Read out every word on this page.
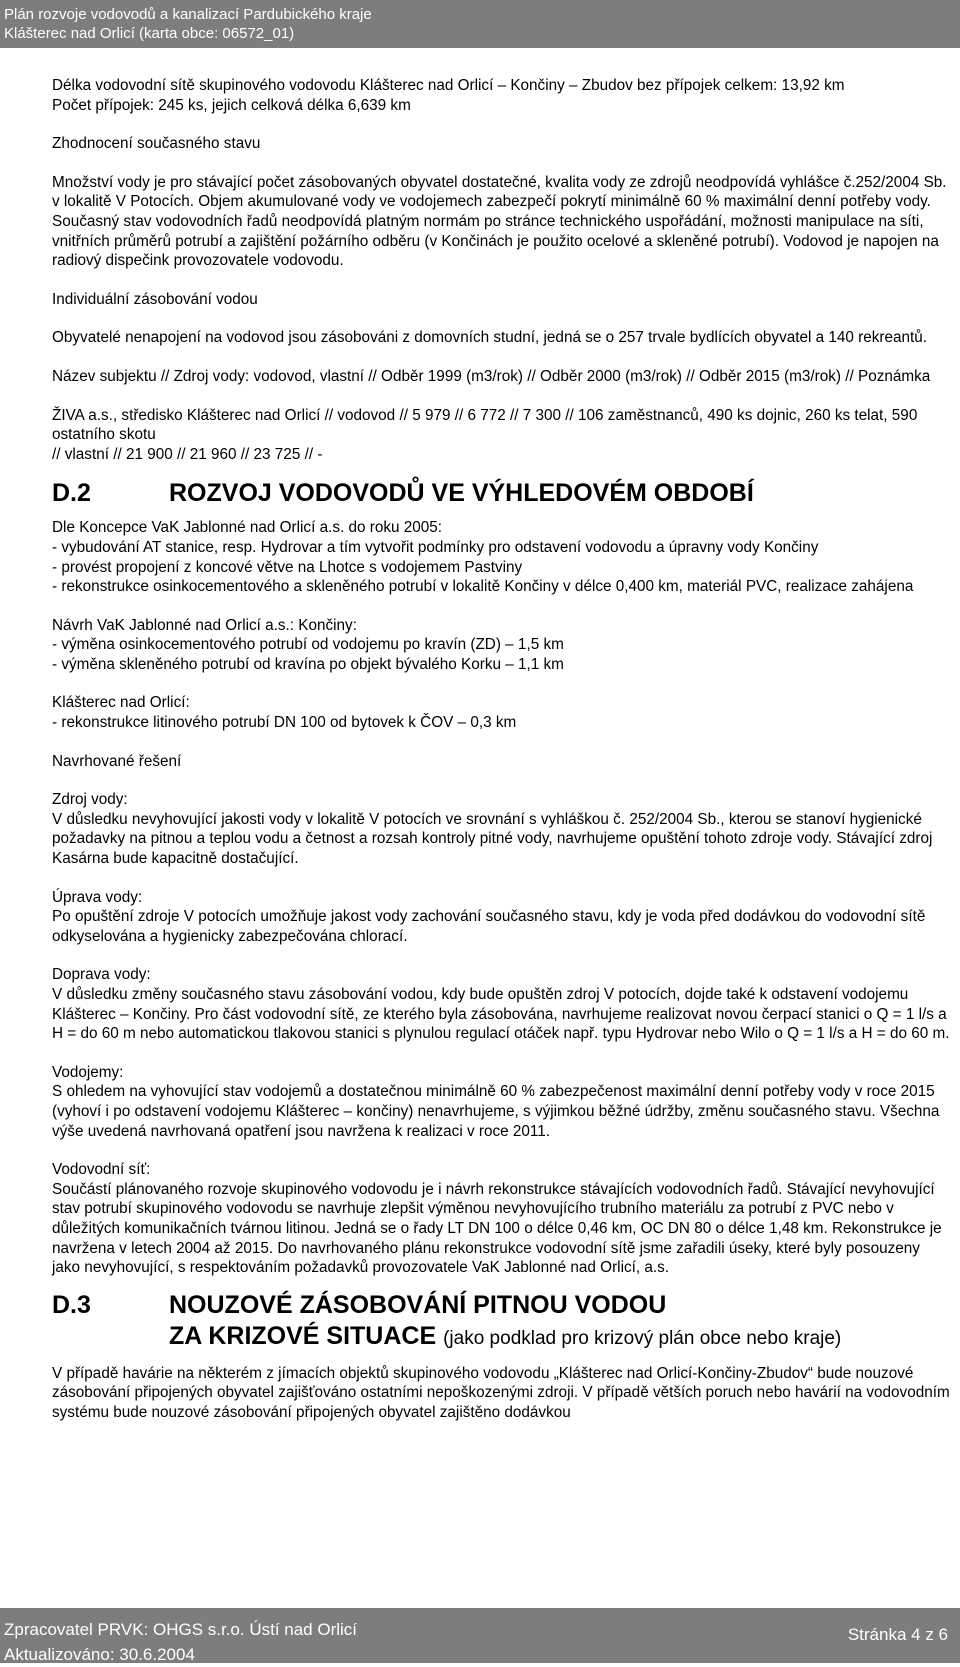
Plán rozvoje vodovodů a kanalizací Pardubického kraje
Klášterec nad Orlicí (karta obce: 06572_01)

Délka vodovodní sítě skupinového vodovodu Klášterec nad Orlicí – Končiny – Zbudov bez přípojek celkem: 13,92 km

Počet přípojek: 245 ks, jejich celková délka 6,639 km

Zhodnocení současného stavu

Množství vody je pro stávající počet zásobovaných obyvatel dostatečné, kvalita vody ze zdrojů neodpovídá vyhlášce č.252/2004 Sb. v lokalitě V Potocích. Objem akumulované vody ve vodojemech zabezpečí pokrytí minimálně 60 % maximální denní potřeby vody. Současný stav vodovodních řadů neodpovídá platným normám po stránce technického uspořádání, možnosti manipulace na síti, vnitřních průměrů potrubí a zajištění požárního odběru (v Končinách je použito ocelové a skleněné potrubí). Vodovod je napojen na radiový dispečink provozovatele vodovodu.

Individuální zásobování vodou

Obyvatelé nenapojení na vodovod jsou zásobováni z domovních studní, jedná se o 257 trvale bydlících obyvatel a 140 rekreantů.

Název subjektu // Zdroj vody: vodovod, vlastní // Odběr 1999 (m3/rok) // Odběr 2000 (m3/rok) // Odběr 2015 (m3/rok) // Poznámka

ŽIVA a.s., středisko Klášterec nad Orlicí // vodovod // 5 979 // 6 772 // 7 300 // 106 zaměstnanců, 490 ks dojnic, 260 ks telat, 590 ostatního skotu

// vlastní // 21 900 // 21 960 // 23 725 // -

D.2	ROZVOJ VODOVODŮ VE VÝHLEDOVÉM OBDOBÍ

Dle Koncepce VaK Jablonné nad Orlicí a.s. do roku 2005:

- vybudování AT stanice, resp. Hydrovar a tím vytvořit podmínky pro odstavení vodovodu a úpravny vody Končiny

- provést propojení z koncové větve na Lhotce s vodojemem Pastviny

- rekonstrukce osinkocementového a skleněného potrubí v lokalitě Končiny v délce 0,400 km, materiál PVC, realizace zahájena

Návrh VaK Jablonné nad Orlicí a.s.: Končiny:

- výměna osinkocementového potrubí od vodojemu po kravín (ZD) – 1,5 km

- výměna skleněného potrubí od kravína po objekt bývalého Korku – 1,1 km

Klášterec nad Orlicí:

- rekonstrukce litinového potrubí DN 100 od bytovek k ČOV – 0,3 km

Navrhované řešení

Zdroj vody:

V důsledku nevyhovující jakosti vody v lokalitě V potocích ve srovnání s vyhláškou č. 252/2004 Sb., kterou se stanoví hygienické požadavky na pitnou a teplou vodu a četnost a rozsah kontroly pitné vody, navrhujeme opuštění tohoto zdroje vody. Stávající zdroj Kasárna bude kapacitně dostačující.

Úprava vody:

Po opuštění zdroje V potocích umožňuje jakost vody zachování současného stavu, kdy je voda před dodávkou do vodovodní sítě odkyselována a hygienicky zabezpečována chlorací.

Doprava vody:

V důsledku změny současného stavu zásobování vodou, kdy bude opuštěn zdroj V potocích, dojde také k odstavení vodojemu Klášterec – Končiny. Pro část vodovodní sítě, ze kterého byla zásobována, navrhujeme realizovat novou čerpací stanici o Q = 1 l/s a H = do 60 m nebo automatickou tlakovou stanici s plynulou regulací otáček např. typu Hydrovar nebo Wilo o Q = 1 l/s a H = do 60 m.

Vodojemy:

S ohledem na vyhovující stav vodojemů a dostatečnou minimálně 60 % zabezpečenost maximální denní potřeby vody v roce 2015 (vyhoví i po odstavení vodojemu Klášterec – končiny) nenavrhujeme, s výjimkou běžné údržby, změnu současného stavu. Všechna výše uvedená navrhovaná opatření jsou navržena k realizaci v roce 2011.

Vodovodní síť:

Součástí plánovaného rozvoje skupinového vodovodu je i návrh rekonstrukce stávajících vodovodních řadů. Stávající nevyhovující stav potrubí skupinového vodovodu se navrhuje zlepšit výměnou nevyhovujícího trubního materiálu za potrubí z PVC nebo v důležitých komunikačních tvárnou litinou. Jedná se o řady LT DN 100 o délce 0,46 km, OC DN 80 o délce 1,48 km. Rekonstrukce je navržena v letech 2004 až 2015. Do navrhovaného plánu rekonstrukce vodovodní sítě jsme zařadili úseky, které byly posouzeny jako nevyhovující, s respektováním požadavků provozovatele VaK Jablonné nad Orlicí, a.s.

D.3	NOUZOVÉ ZÁSOBOVÁNÍ PITNOU VODOU
ZA KRIZOVÉ SITUACE (jako podklad pro krizový plán obce nebo kraje)

V případě havárie na některém z jímacích objektů skupinového vodovodu „Klášterec nad Orlicí-Končiny-Zbudov“ bude nouzové zásobování připojených obyvatel zajišťováno ostatními nepoškozenými zdroji. V případě větších poruch nebo havárií na vodovodním systému bude nouzové zásobování připojených obyvatel zajištěno dodávkou

Zpracovatel PRVK: OHGS s.r.o. Ústí nad Orlicí
Aktualizováno: 30.6.2004
Stránka 4 z 6
